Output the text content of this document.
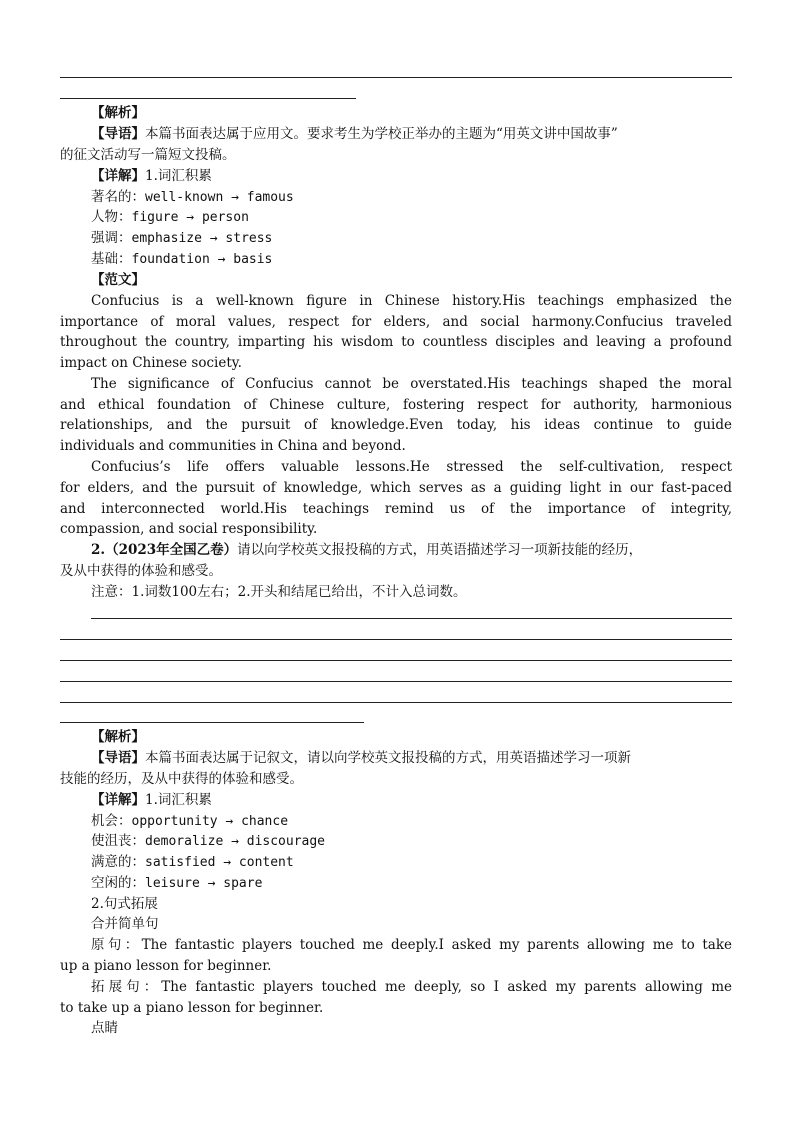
【解析】
【导语】本篇书面表达属于应用文。要求考生为学校正举办的主题为“用英文讲中国故事”
的征文活动写一篇短文投稿。
【详解】1.词汇积累
著名的：well-known → famous
人物：figure → person
强调：emphasize → stress
基础：foundation → basis
【范文】
Confucius is a well-known figure in Chinese history.His teachings emphasized the
importance of moral values, respect for elders, and social harmony.Confucius traveled
throughout the country, imparting his wisdom to countless disciples and leaving a profound
impact on Chinese society.
The significance of Confucius cannot be overstated.His teachings shaped the moral
and ethical foundation of Chinese culture, fostering respect for authority, harmonious
relationships, and the pursuit of knowledge.Even today, his ideas continue to guide
individuals and communities in China and beyond.
Confucius’s life offers valuable lessons.He stressed the self-cultivation, respect
for elders, and the pursuit of knowledge, which serves as a guiding light in our fast-paced
and interconnected world.His teachings remind us of the importance of integrity,
compassion, and social responsibility.
2.（2023年全国乙卷）请以向学校英文报投稿的方式，用英语描述学习一项新技能的经历，
及从中获得的体验和感受。
注意：1.词数100左右；2.开头和结尾已给出，不计入总词数。
【解析】
【导语】本篇书面表达属于记叙文，请以向学校英文报投稿的方式，用英语描述学习一项新
技能的经历，及从中获得的体验和感受。
【详解】1.词汇积累
机会：opportunity → chance
使沮丧：demoralize → discourage
满意的：satisfied → content
空闲的：leisure → spare
2.句式拓展
合并简单句
原句：The fantastic players touched me deeply.I asked my parents allowing me to take
up a piano lesson for beginner.
拓展句：The fantastic players touched me deeply, so I asked my parents allowing me
to take up a piano lesson for beginner.
点睛
